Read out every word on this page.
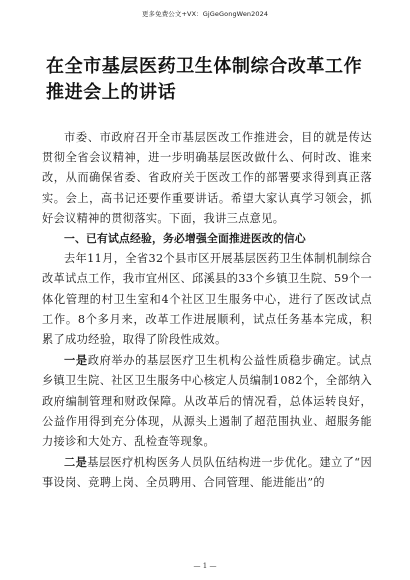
更多免费公文+VX：GjGeGongWen2024
在全市基层医药卫生体制综合改革工作推进会上的讲话

市委、市政府召开全市基层医改工作推进会，目的就是传达贯彻全省会议精神，进一步明确基层医改做什么、何时改、谁来改，从而确保省委、省政府关于医改工作的部署要求得到真正落实。会上，高书记还要作重要讲话。希望大家认真学习领会，抓好会议精神的贯彻落实。下面，我讲三点意见。

一、已有试点经验，务必增强全面推进医改的信心

去年11月，全省32个县市区开展基层医药卫生体制机制综合改革试点工作，我市宜州区、邱溪县的33个乡镇卫生院、59个一体化管理的村卫生室和4个社区卫生服务中心，进行了医改试点工作。8个多月来，改革工作进展顺利，试点任务基本完成，积累了成功经验，取得了阶段性成效。

一是政府举办的基层医疗卫生机构公益性质稳步确定。试点乡镇卫生院、社区卫生服务中心核定人员编制1082个，全部纳入政府编制管理和财政保障。从改革后的情况看，总体运转良好，公益作用得到充分体现，从源头上遏制了超范围执业、超服务能力接诊和大处方、乱检查等现象。

二是基层医疗机构医务人员队伍结构进一步优化。建立了“因事设岗、竞聘上岗、全员聘用、合同管理、能进能出”的

— 1 —
